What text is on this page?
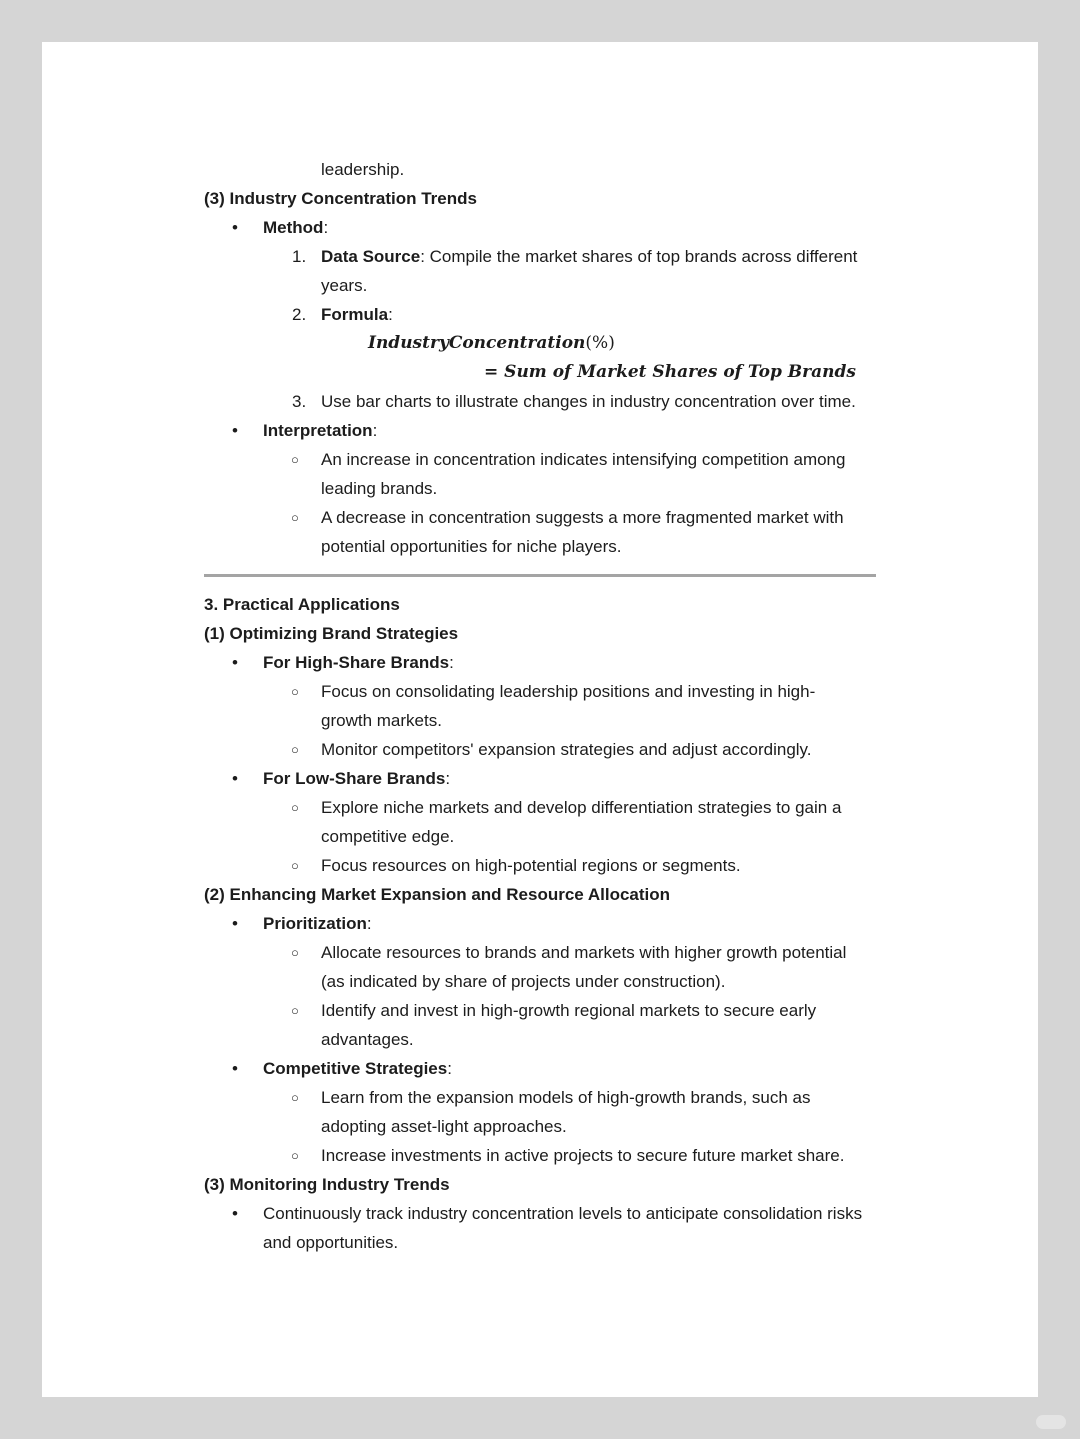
leadership.
(3) Industry Concentration Trends
• Method:
1. Data Source: Compile the market shares of top brands across different
years.
2. Formula:
IndustryConcentration(%)
= Sum of Market Shares of Top Brands
3. Use bar charts to illustrate changes in industry concentration over time.
• Interpretation:
○ An increase in concentration indicates intensifying competition among
leading brands.
○ A decrease in concentration suggests a more fragmented market with
potential opportunities for niche players.
3. Practical Applications
(1) Optimizing Brand Strategies
• For High-Share Brands:
○ Focus on consolidating leadership positions and investing in high-
growth markets.
○ Monitor competitors' expansion strategies and adjust accordingly.
• For Low-Share Brands:
○ Explore niche markets and develop differentiation strategies to gain a
competitive edge.
○ Focus resources on high-potential regions or segments.
(2) Enhancing Market Expansion and Resource Allocation
• Prioritization:
○ Allocate resources to brands and markets with higher growth potential
(as indicated by share of projects under construction).
○ Identify and invest in high-growth regional markets to secure early
advantages.
• Competitive Strategies:
○ Learn from the expansion models of high-growth brands, such as
adopting asset-light approaches.
○ Increase investments in active projects to secure future market share.
(3) Monitoring Industry Trends
• Continuously track industry concentration levels to anticipate consolidation risks
and opportunities.
